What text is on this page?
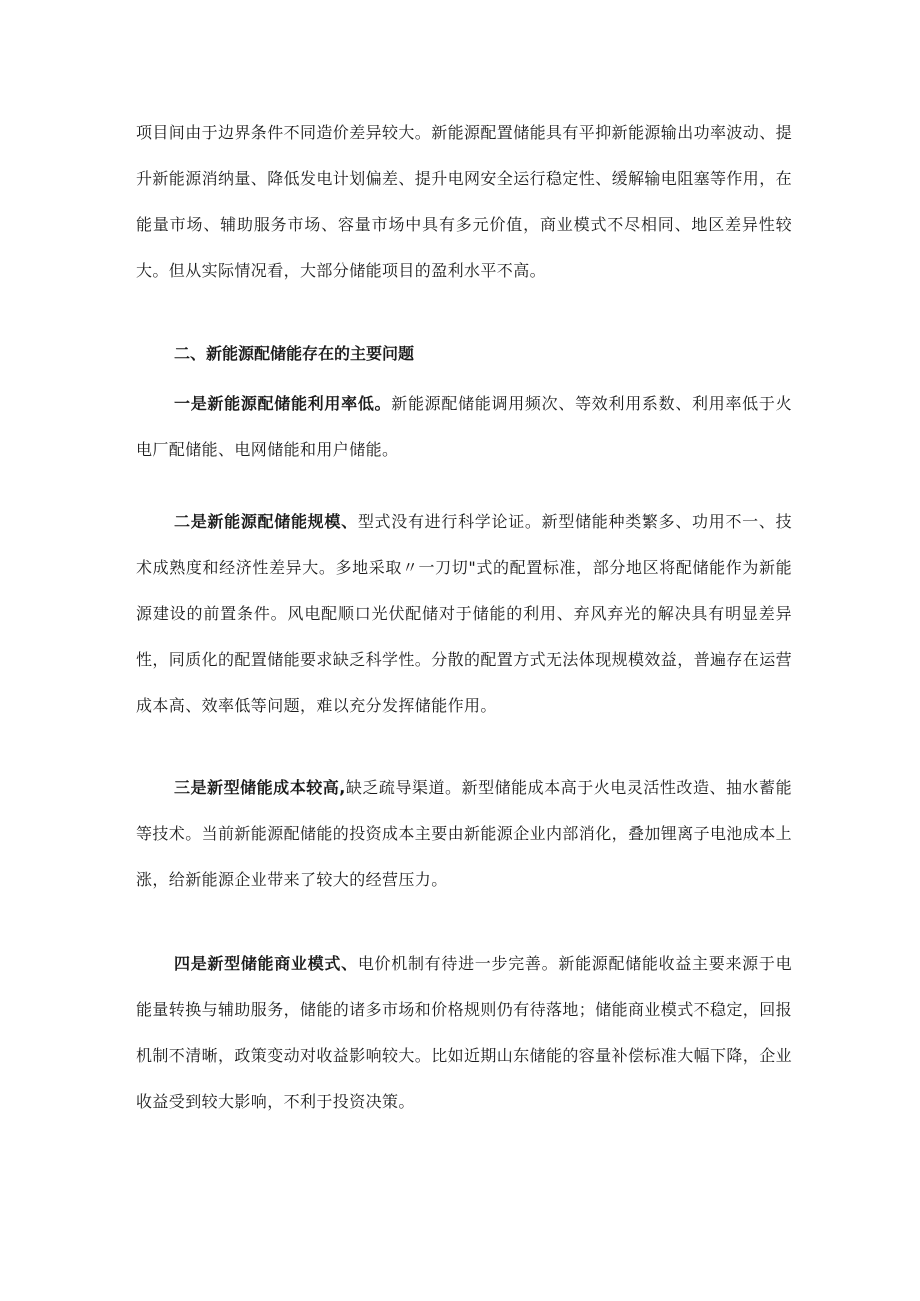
项目间由于边界条件不同造价差异较大。新能源配置储能具有平抑新能源输出功率波动、提升新能源消纳量、降低发电计划偏差、提升电网安全运行稳定性、缓解输电阻塞等作用，在能量市场、辅助服务市场、容量市场中具有多元价值，商业模式不尽相同、地区差异性较大。但从实际情况看，大部分储能项目的盈利水平不高。

二、新能源配储能存在的主要问题

一是新能源配储能利用率低。新能源配储能调用频次、等效利用系数、利用率低于火电厂配储能、电网储能和用户储能。

二是新能源配储能规模、型式没有进行科学论证。新型储能种类繁多、功用不一、技术成熟度和经济性差异大。多地采取〃一刀切"式的配置标准，部分地区将配储能作为新能源建设的前置条件。风电配顺口光伏配储对于储能的利用、弃风弃光的解决具有明显差异性，同质化的配置储能要求缺乏科学性。分散的配置方式无法体现规模效益，普遍存在运营成本高、效率低等问题，难以充分发挥储能作用。

三是新型储能成本较高,缺乏疏导渠道。新型储能成本高于火电灵活性改造、抽水蓄能等技术。当前新能源配储能的投资成本主要由新能源企业内部消化，叠加锂离子电池成本上涨，给新能源企业带来了较大的经营压力。

四是新型储能商业模式、电价机制有待进一步完善。新能源配储能收益主要来源于电能量转换与辅助服务，储能的诸多市场和价格规则仍有待落地；储能商业模式不稳定，回报机制不清晰，政策变动对收益影响较大。比如近期山东储能的容量补偿标准大幅下降，企业收益受到较大影响，不利于投资决策。
